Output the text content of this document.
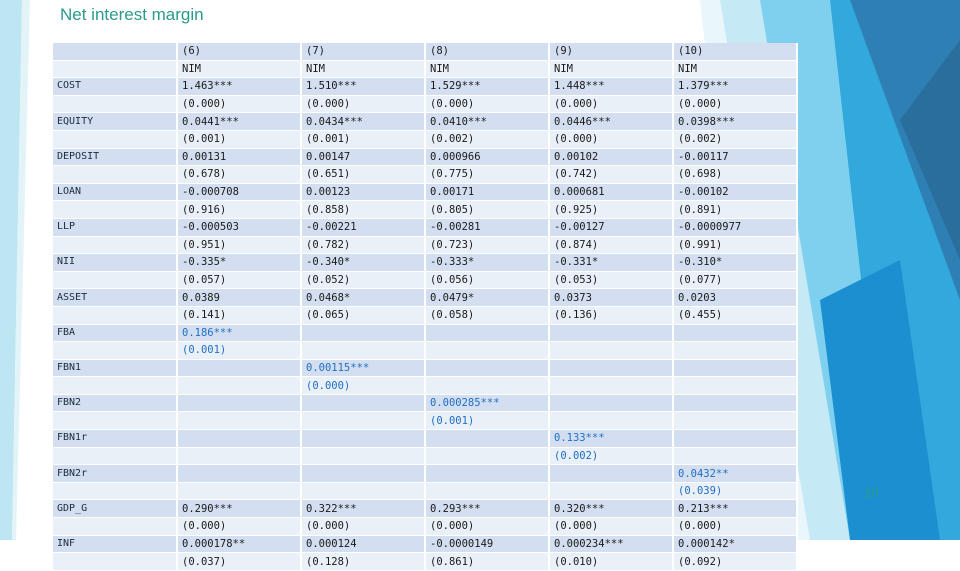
Net interest margin
	(6)	(7)	(8)	(9)	(10)
	NIM	NIM	NIM	NIM	NIM
COST	1.463***	1.510***	1.529***	1.448***	1.379***
	(0.000)	(0.000)	(0.000)	(0.000)	(0.000)
EQUITY	0.0441***	0.0434***	0.0410***	0.0446***	0.0398***
	(0.001)	(0.001)	(0.002)	(0.000)	(0.002)
DEPOSIT	0.00131	0.00147	0.000966	0.00102	-0.00117
	(0.678)	(0.651)	(0.775)	(0.742)	(0.698)
LOAN	-0.000708	0.00123	0.00171	0.000681	-0.00102
	(0.916)	(0.858)	(0.805)	(0.925)	(0.891)
LLP	-0.000503	-0.00221	-0.00281	-0.00127	-0.0000977
	(0.951)	(0.782)	(0.723)	(0.874)	(0.991)
NII	-0.335*	-0.340*	-0.333*	-0.331*	-0.310*
	(0.057)	(0.052)	(0.056)	(0.053)	(0.077)
ASSET	0.0389	0.0468*	0.0479*	0.0373	0.0203
	(0.141)	(0.065)	(0.058)	(0.136)	(0.455)
FBA	0.186***				
	(0.001)				
FBN1		0.00115***			
		(0.000)			
FBN2			0.000285***		
			(0.001)		
FBN1r				0.133***	
				(0.002)	
FBN2r					0.0432**
					(0.039)
GDP_G	0.290***	0.322***	0.293***	0.320***	0.213***
	(0.000)	(0.000)	(0.000)	(0.000)	(0.000)
INF	0.000178**	0.000124	-0.0000149	0.000234***	0.000142*
	(0.037)	(0.128)	(0.861)	(0.010)	(0.092)
10
